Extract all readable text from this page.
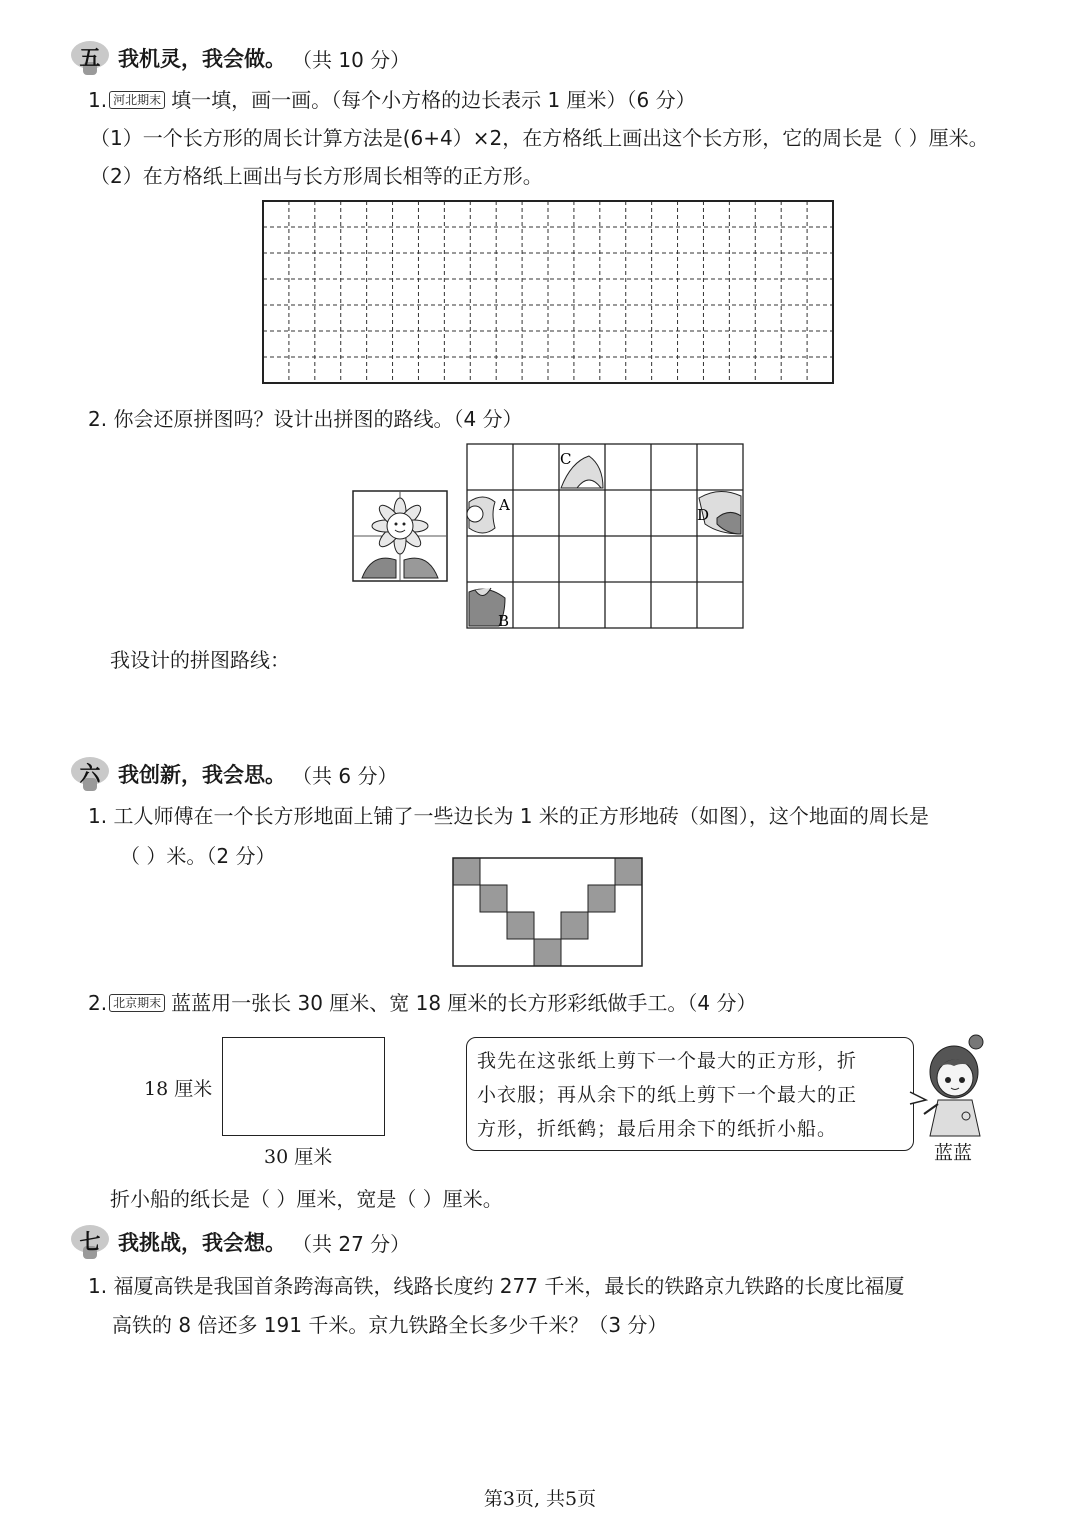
五 我机灵，我会做。 （共 10 分）
1. 河北期末 填一填，画一画。（每个小方格的边长表示 1 厘米）（6 分）
（1）一个长方形的周长计算方法是(6+4）×2，在方格纸上画出这个长方形，它的周长是（ ）厘米。
（2）在方格纸上画出与长方形周长相等的正方形。
2. 你会还原拼图吗？设计出拼图的路线。（4 分）
A
B
C
D
我设计的拼图路线：
六 我创新，我会思。 （共 6 分）
1. 工人师傅在一个长方形地面上铺了一些边长为 1 米的正方形地砖（如图），这个地面的周长是
（ ）米。（2 分）
2. 北京期末 蓝蓝用一张长 30 厘米、宽 18 厘米的长方形彩纸做手工。（4 分）
18 厘米
30 厘米
我先在这张纸上剪下一个最大的正方形，折
小衣服；再从余下的纸上剪下一个最大的正
方形，折纸鹤；最后用余下的纸折小船。
蓝蓝
折小船的纸长是（ ）厘米，宽是（ ）厘米。
七 我挑战，我会想。 （共 27 分）
1. 福厦高铁是我国首条跨海高铁，线路长度约 277 千米，最长的铁路京九铁路的长度比福厦
高铁的 8 倍还多 191 千米。京九铁路全长多少千米？（3 分）
第3页, 共5页
